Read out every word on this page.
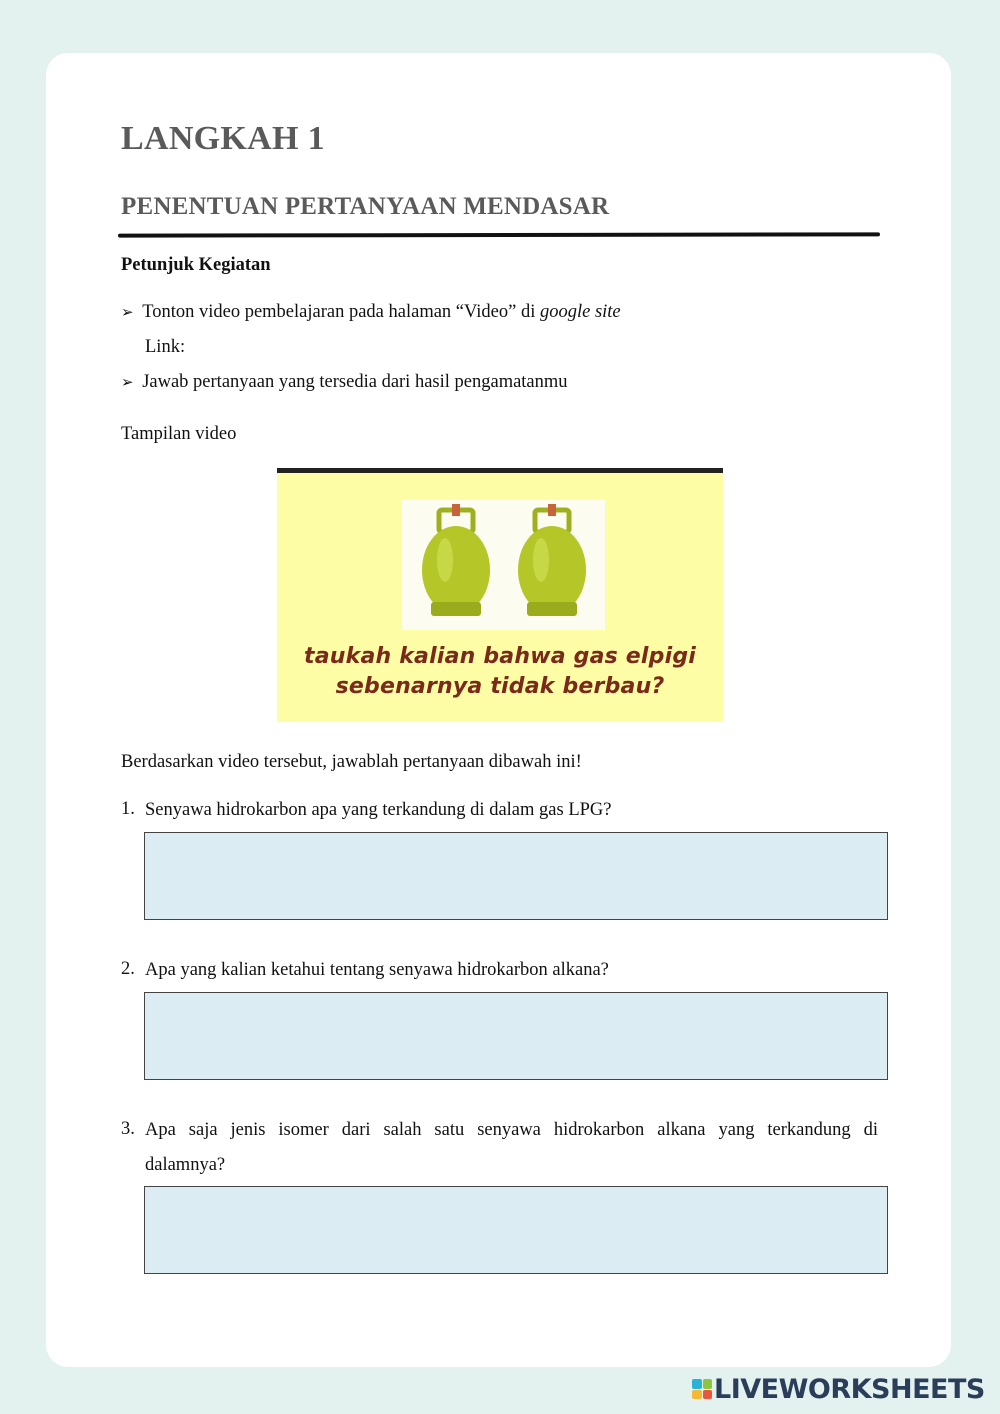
LANGKAH 1
PENENTUAN PERTANYAAN MENDASAR
Petunjuk Kegiatan
➢ Tonton video pembelajaran pada halaman “Video” di google site
Link:
➢ Jawab pertanyaan yang tersedia dari hasil pengamatanmu
Tampilan video
taukah kalian bahwa gas elpigi
sebenarnya tidak berbau?
Berdasarkan video tersebut, jawablah pertanyaan dibawah ini!
1. Senyawa hidrokarbon apa yang terkandung di dalam gas LPG?
2. Apa yang kalian ketahui tentang senyawa hidrokarbon alkana?
3. Apa saja jenis isomer dari salah satu senyawa hidrokarbon alkana yang terkandung di
dalamnya?
LIVEWORKSHEETS
